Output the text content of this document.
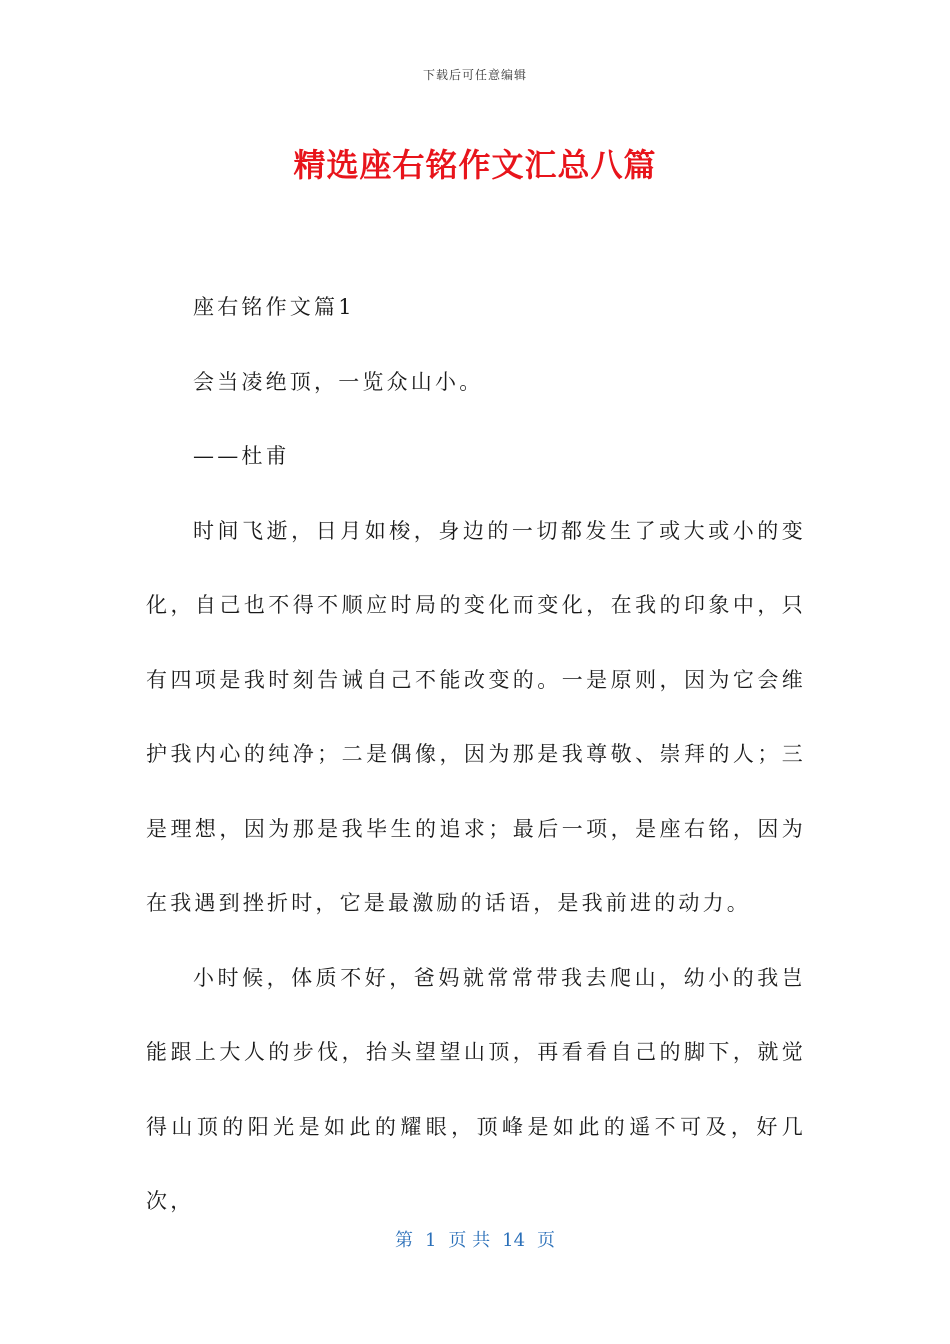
下载后可任意编辑
精选座右铭作文汇总八篇

座右铭作文篇1

会当凌绝顶，一览众山小。

——杜甫

时间飞逝，日月如梭，身边的一切都发生了或大或小的变化，自己也不得不顺应时局的变化而变化，在我的印象中，只有四项是我时刻告诫自己不能改变的。一是原则，因为它会维护我内心的纯净；二是偶像，因为那是我尊敬、崇拜的人；三是理想，因为那是我毕生的追求；最后一项，是座右铭，因为在我遇到挫折时，它是最激励的话语，是我前进的动力。

小时候，体质不好，爸妈就常常带我去爬山，幼小的我岂能跟上大人的步伐，抬头望望山顶，再看看自己的脚下，就觉得山顶的阳光是如此的耀眼，顶峰是如此的遥不可及，好几次，

第 1 页 共 14 页
